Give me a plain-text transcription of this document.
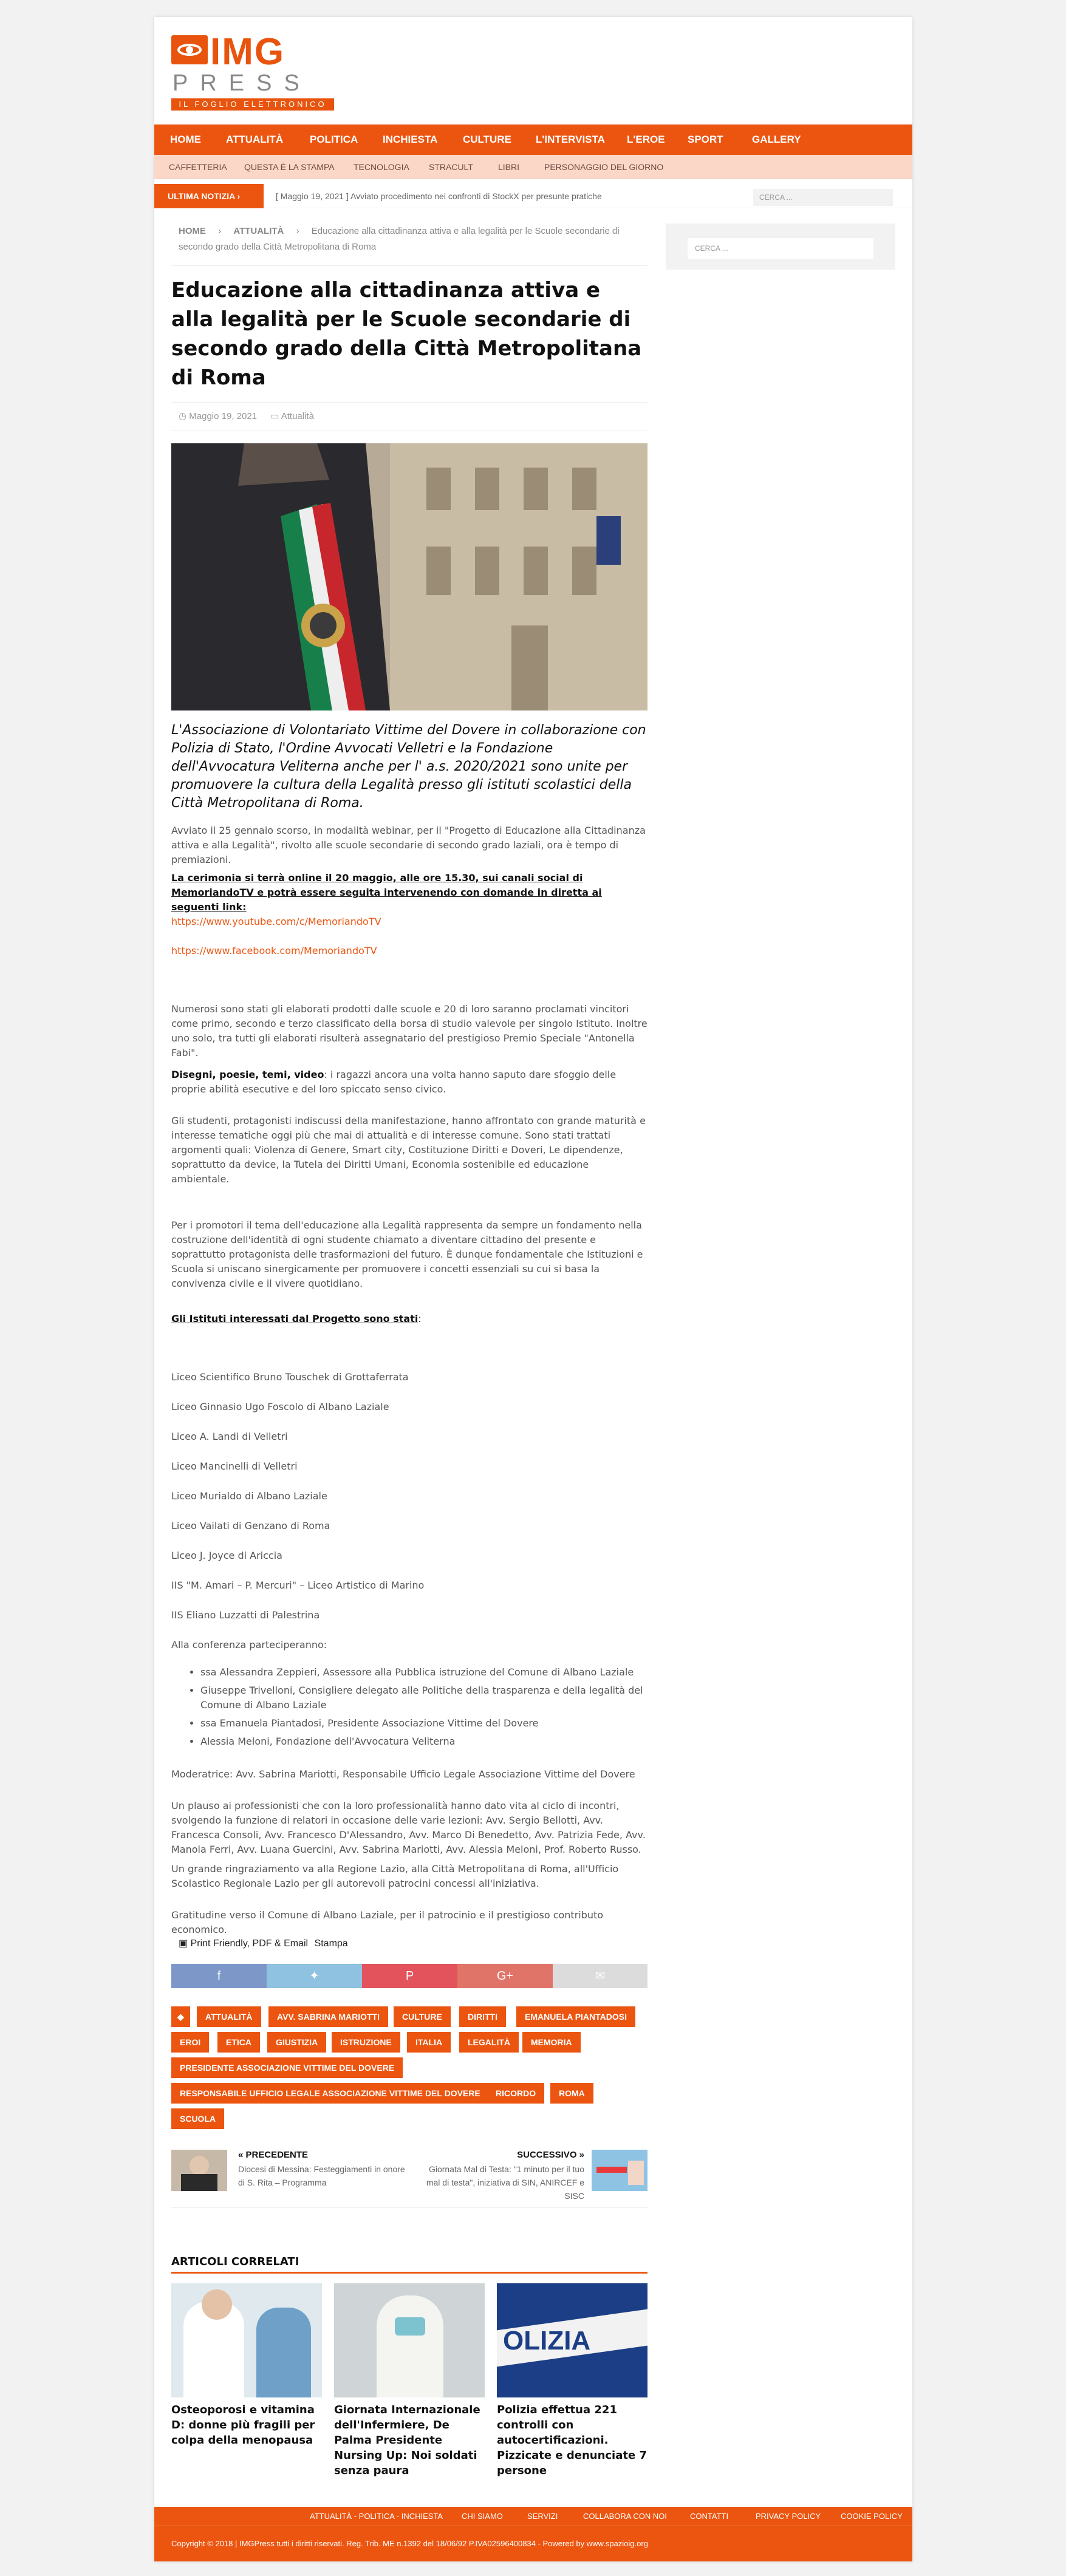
IMG
PRESS
IL FOGLIO ELETTRONICO
HOME ATTUALITÀ	POLITICA INCHIESTA CULTURE L'INTERVISTA L'EROE SPORT	GALLERY
CAFFETTERIA QUESTA È LA STAMPA TECNOLOGIA STRACULT	LIBRI	PERSONAGGIO DEL GIORNO
ULTIMA NOTIZIA ›	[ Maggio 19, 2021 ] Avviato procedimento nei confronti di StockX per presunte pratiche	CERCA ...
HOME › ATTUALITÀ › Educazione alla cittadinanza attiva e alla legalità per le Scuole secondarie di secondo grado della Città Metropolitana di Roma	CERCA ...
Educazione alla cittadinanza attiva e alla legalità per le Scuole secondarie di secondo grado della Città Metropolitana di Roma
◷ Maggio 19, 2021 ▭ Attualità

L'Associazione di Volontariato Vittime del Dovere in collaborazione con Polizia di Stato, l'Ordine Avvocati Velletri e la Fondazione dell'Avvocatura Veliterna anche per l' a.s. 2020/2021 sono unite per promuovere la cultura della Legalità presso gli istituti scolastici della Città Metropolitana di Roma.

Avviato il 25 gennaio scorso, in modalità webinar, per il "Progetto di Educazione alla Cittadinanza attiva e alla Legalità", rivolto alle scuole secondarie di secondo grado laziali, ora è tempo di premiazioni.

La cerimonia si terrà online il 20 maggio, alle ore 15.30, sui canali social di MemoriandoTV e potrà essere seguita intervenendo con domande in diretta ai seguenti link:

https://www.youtube.com/c/MemoriandoTV

https://www.facebook.com/MemoriandoTV

Numerosi sono stati gli elaborati prodotti dalle scuole e 20 di loro saranno proclamati vincitori come primo, secondo e terzo classificato della borsa di studio valevole per singolo Istituto. Inoltre uno solo, tra tutti gli elaborati risulterà assegnatario del prestigioso Premio Speciale "Antonella Fabi".

Disegni, poesie, temi, video: i ragazzi ancora una volta hanno saputo dare sfoggio delle proprie abilità esecutive e del loro spiccato senso civico.

Gli studenti, protagonisti indiscussi della manifestazione, hanno affrontato con grande maturità e interesse tematiche oggi più che mai di attualità e di interesse comune. Sono stati trattati argomenti quali: Violenza di Genere, Smart city, Costituzione Diritti e Doveri, Le dipendenze, soprattutto da device, la Tutela dei Diritti Umani, Economia sostenibile ed educazione ambientale.

Per i promotori il tema dell'educazione alla Legalità rappresenta da sempre un fondamento nella costruzione dell'identità di ogni studente chiamato a diventare cittadino del presente e soprattutto protagonista delle trasformazioni del futuro. È dunque fondamentale che Istituzioni e Scuola si uniscano sinergicamente per promuovere i concetti essenziali su cui si basa la convivenza civile e il vivere quotidiano.

Gli Istituti interessati dal Progetto sono stati:

Liceo Scientifico Bruno Touschek di Grottaferrata

Liceo Ginnasio Ugo Foscolo di Albano Laziale

Liceo A. Landi di Velletri

Liceo Mancinelli di Velletri

Liceo Murialdo di Albano Laziale

Liceo Vailati di Genzano di Roma

Liceo J. Joyce di Ariccia

IIS "M. Amari – P. Mercuri" – Liceo Artistico di Marino

IIS Eliano Luzzatti di Palestrina

Alla conferenza parteciperanno:

• ssa Alessandra Zeppieri, Assessore alla Pubblica istruzione del Comune di Albano Laziale
• Giuseppe Trivelloni, Consigliere delegato alle Politiche della trasparenza e della legalità del Comune di Albano Laziale
• ssa Emanuela Piantadosi, Presidente Associazione Vittime del Dovere
• Alessia Meloni, Fondazione dell'Avvocatura Veliterna

Moderatrice: Avv. Sabrina Mariotti, Responsabile Ufficio Legale Associazione Vittime del Dovere

Un plauso ai professionisti che con la loro professionalità hanno dato vita al ciclo di incontri, svolgendo la funzione di relatori in occasione delle varie lezioni: Avv. Sergio Bellotti, Avv. Francesca Consoli, Avv. Francesco D'Alessandro, Avv. Marco Di Benedetto, Avv. Patrizia Fede, Avv. Manola Ferri, Avv. Luana Guercini, Avv. Sabrina Mariotti, Avv. Alessia Meloni, Prof. Roberto Russo.

Un grande ringraziamento va alla Regione Lazio, alla Città Metropolitana di Roma, all'Ufficio Scolastico Regionale Lazio per gli autorevoli patrocini concessi all'iniziativa.

Gratitudine verso il Comune di Albano Laziale, per il patrocinio e il prestigioso contributo economico.

▣ Print Friendly, PDF & Email Stampa
f	✦	P	G+	✉
◆	ATTUALITÀ	AVV. SABRINA MARIOTTI	CULTURE	DIRITTI	EMANUELA PIANTADOSI
EROI	ETICA	GIUSTIZIA	ISTRUZIONE	ITALIA	LEGALITÀ	MEMORIA
PRESIDENTE ASSOCIAZIONE VITTIME DEL DOVERE
RESPONSABILE UFFICIO LEGALE ASSOCIAZIONE VITTIME DEL DOVERE	RICORDO	ROMA
SCUOLA
« PRECEDENTE
Diocesi di Messina: Festeggiamenti in onore di S. Rita – Programma
SUCCESSIVO »
Giornata Mal di Testa: "1 minuto per il tuo mal di testa", iniziativa di SIN, ANIRCEF e SISC
ARTICOLI CORRELATI
Osteoporosi e vitamina D: donne più fragili per colpa della menopausa
Giornata Internazionale dell'Infermiere, De Palma Presidente Nursing Up: Noi soldati senza paura
OLIZIA
Polizia effettua 221 controlli con autocertificazioni. Pizzicate e denunciate 7 persone
ATTUALITÀ - POLITICA - INCHIESTA CHI SIAMO	SERVIZI	COLLABORA CON NOI	CONTATTI	PRIVACY POLICY	COOKIE POLICY
Copyright © 2018 | IMGPress tutti i diritti riservati. Reg. Trib. ME n.1392 del 18/06/92 P.IVA02596400834 - Powered by www.spazioig.org
